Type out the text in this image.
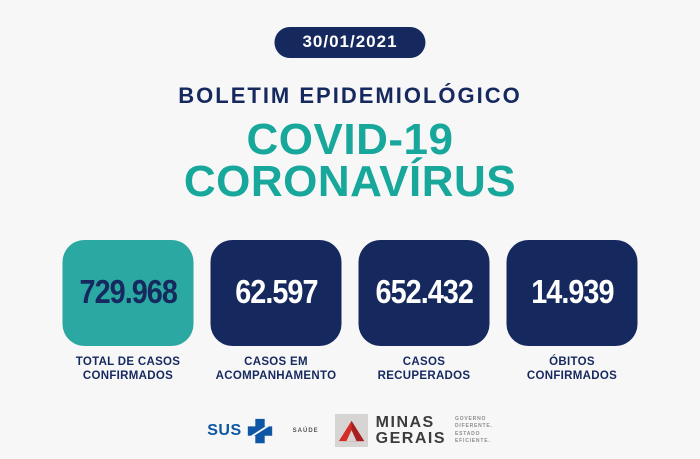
30/01/2021
BOLETIM EPIDEMIOLÓGICO
COVID-19
CORONAVÍRUS
729.968
TOTAL DE CASOS
CONFIRMADOS
62.597
CASOS EM
ACOMPANHAMENTO
652.432
CASOS
RECUPERADOS
14.939
ÓBITOS
CONFIRMADOS
SUS	SAÚDE	MINAS
GERAIS
GOVERNO
DIFERENTE.
ESTADO
EFICIENTE.
